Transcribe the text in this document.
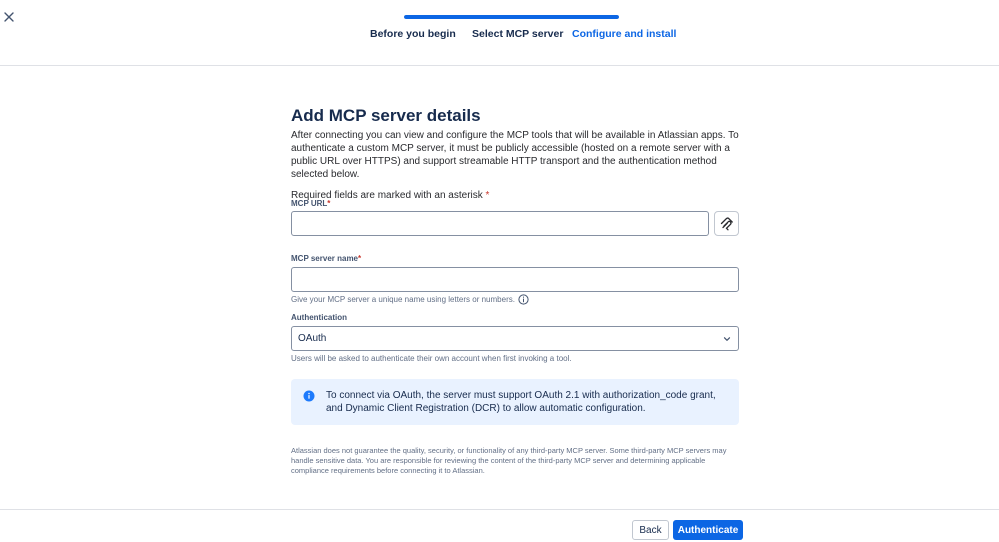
Before you begin Select MCP server Configure and install
Add MCP server details
After connecting you can view and configure the MCP tools that will be available in Atlassian apps. To authenticate a custom MCP server, it must be publicly accessible (hosted on a remote server with a public URL over HTTPS) and support streamable HTTP transport and the authentication method selected below.
Required fields are marked with an asterisk *
MCP URL*
MCP server name*
Give your MCP server a unique name using letters or numbers.
Authentication
OAuth
Users will be asked to authenticate their own account when first invoking a tool.
To connect via OAuth, the server must support OAuth 2.1 with authorization_code grant, and Dynamic Client Registration (DCR) to allow automatic configuration.
Atlassian does not guarantee the quality, security, or functionality of any third-party MCP server. Some third-party MCP servers may handle sensitive data. You are responsible for reviewing the content of the third-party MCP server and determining applicable compliance requirements before connecting it to Atlassian.
Back	Authenticate
